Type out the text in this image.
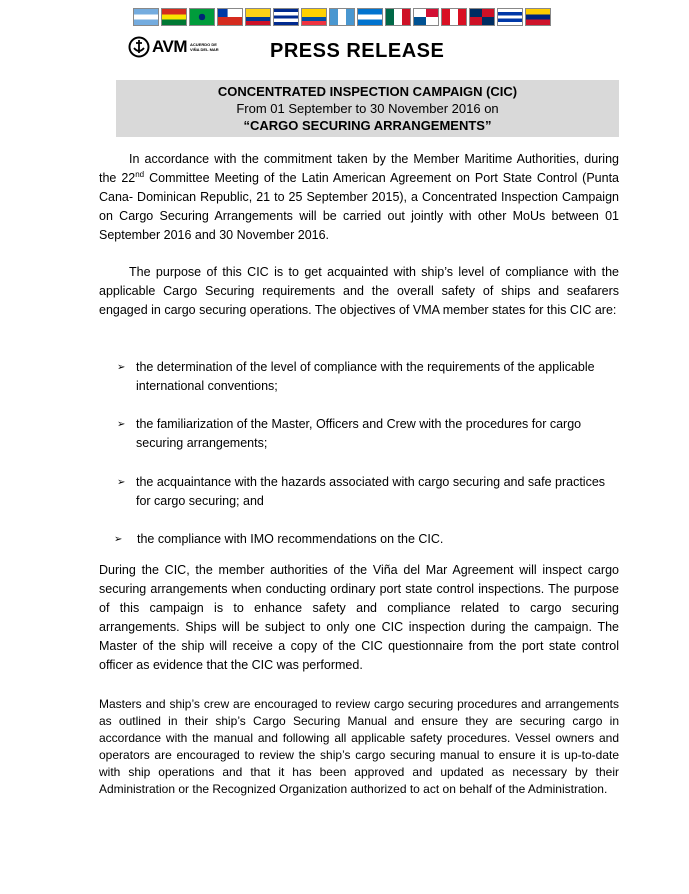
AVM ACUERDO DE VIÑA DEL MAR	PRESS RELEASE
CONCENTRATED INSPECTION CAMPAIGN (CIC)
From 01 September to 30 November 2016 on
“CARGO SECURING ARRANGEMENTS”
In accordance with the commitment taken by the Member Maritime Authorities, during the 22nd Committee Meeting of the Latin American Agreement on Port State Control (Punta Cana- Dominican Republic, 21 to 25 September 2015), a Concentrated Inspection Campaign on Cargo Securing Arrangements will be carried out jointly with other MoUs between 01 September 2016 and 30 November 2016.
The purpose of this CIC is to get acquainted with ship’s level of compliance with the applicable Cargo Securing requirements and the overall safety of ships and seafarers engaged in cargo securing operations. The objectives of VMA member states for this CIC are:
➢ the determination of the level of compliance with the requirements of the applicable international conventions;
➢ the familiarization of the Master, Officers and Crew with the procedures for cargo securing arrangements;
➢ the acquaintance with the hazards associated with cargo securing and safe practices for cargo securing; and
➢	the compliance with IMO recommendations on the CIC.
During the CIC, the member authorities of the Viña del Mar Agreement will inspect cargo securing arrangements when conducting ordinary port state control inspections. The purpose of this campaign is to enhance safety and compliance related to cargo securing arrangements. Ships will be subject to only one CIC inspection during the campaign. The Master of the ship will receive a copy of the CIC questionnaire from the port state control officer as evidence that the CIC was performed.
Masters and ship’s crew are encouraged to review cargo securing procedures and arrangements as outlined in their ship’s Cargo Securing Manual and ensure they are securing cargo in accordance with the manual and following all applicable safety procedures. Vessel owners and operators are encouraged to review the ship’s cargo securing manual to ensure it is up-to-date with ship operations and that it has been approved and updated as necessary by their Administration or the Recognized Organization authorized to act on behalf of the Administration.
